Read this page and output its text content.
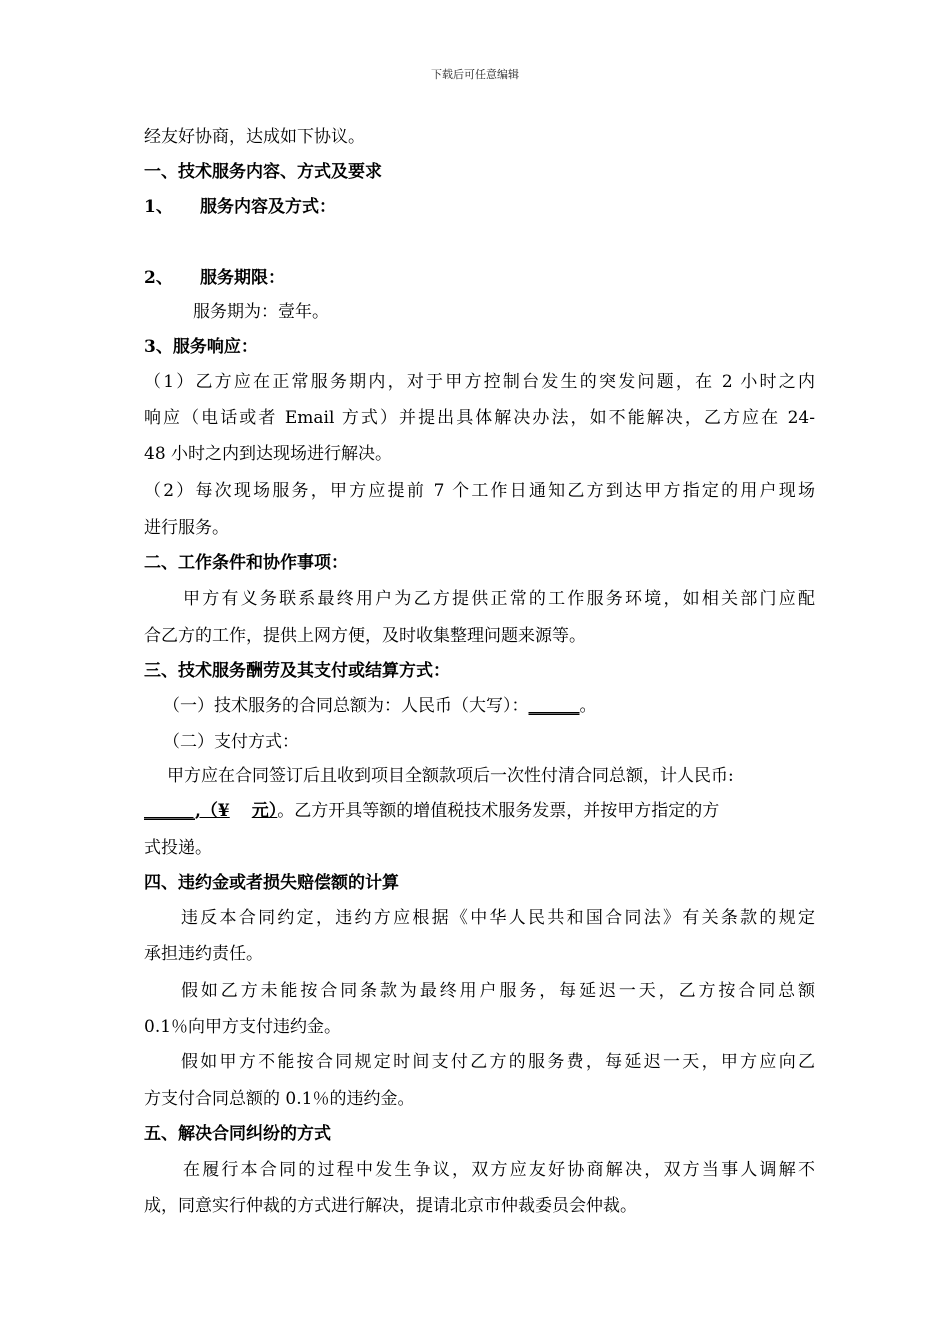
下载后可任意编辑
经友好协商，达成如下协议。
一、技术服务内容、方式及要求
1、 服务内容及方式：
2、 服务期限：
服务期为：壹年。
3、服务响应：
（1）乙方应在正常服务期内，对于甲方控制台发生的突发问题，在 2 小时之内
响应（电话或者 Email 方式）并提出具体解决办法，如不能解决，乙方应在 24-
48 小时之内到达现场进行解决。
（2）每次现场服务，甲方应提前 7 个工作日通知乙方到达甲方指定的用户现场
进行服务。
二、工作条件和协作事项：
甲方有义务联系最终用户为乙方提供正常的工作服务环境，如相关部门应配
合乙方的工作，提供上网方便，及时收集整理问题来源等。
三、技术服务酬劳及其支付或结算方式：
（一）技术服务的合同总额为：人民币（大写）：______。
（二）支付方式：
甲方应在合同签订后且收到项目全额款项后一次性付清合同总额，计人民币:
______,（¥ 元）。乙方开具等额的增值税技术服务发票，并按甲方指定的方
式投递。
四、违约金或者损失赔偿额的计算
违反本合同约定，违约方应根据《中华人民共和国合同法》有关条款的规定
承担违约责任。
假如乙方未能按合同条款为最终用户服务，每延迟一天，乙方按合同总额
0.1％向甲方支付违约金。
假如甲方不能按合同规定时间支付乙方的服务费，每延迟一天，甲方应向乙
方支付合同总额的 0.1％的违约金。
五、解决合同纠纷的方式
在履行本合同的过程中发生争议，双方应友好协商解决，双方当事人调解不
成，同意实行仲裁的方式进行解决，提请北京市仲裁委员会仲裁。
